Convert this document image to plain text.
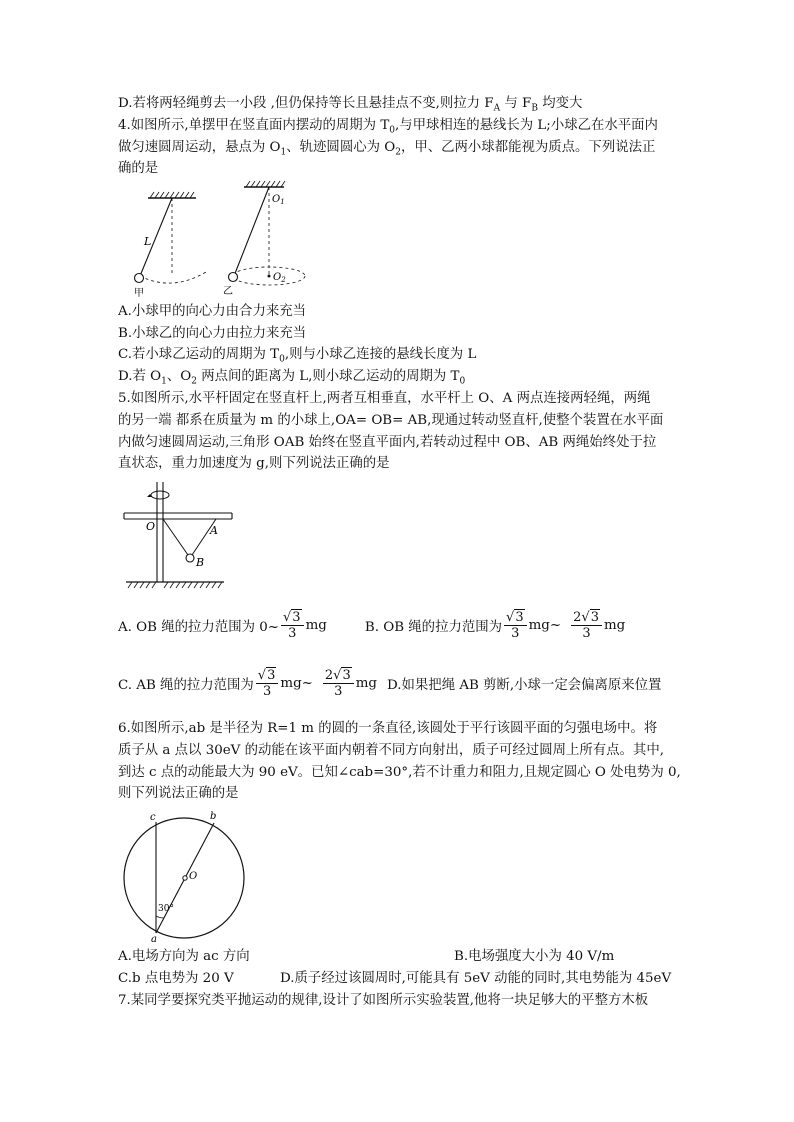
D.若将两轻绳剪去一小段 ,但仍保持等长且悬挂点不变,则拉力 $F_A$ 与 $F_B$ 均变大
4.如图所示,单摆甲在竖直面内摆动的周期为 $T_0$,与甲球相连的悬线长为 L;小球乙在水平面内
做匀速圆周运动，悬点为 $O_1$、轨迹圆圆心为 $O_2$，甲、乙两小球都能视为质点。下列说法正
确的是
L
甲
$O_1$
$O_2$
乙
A.小球甲的向心力由合力来充当
B.小球乙的向心力由拉力来充当
C.若小球乙运动的周期为 $T_0$,则与小球乙连接的悬线长度为 L
D.若 $O_1$、$O_2$ 两点间的距离为 L,则小球乙运动的周期为 $T_0$
5.如图所示,水平杆固定在竖直杆上,两者互相垂直，水平杆上 O、A 两点连接两轻绳，两绳
的另一端 都系在质量为 m 的小球上,OA= OB= AB,现通过转动竖直杆,使整个装置在水平面
内做匀速圆周运动,三角形 OAB 始终在竖直平面内,若转动过程中 OB、AB 两绳始终处于拉
直状态，重力加速度为 g,则下列说法正确的是
O	A
B
A. OB 绳的拉力范围为 0~ $\frac{√3}{3}$ mg	B. OB 绳的拉力范围为 $\frac{√3}{3}$ mg~ $\frac{2√3}{3}$ mg
C. AB 绳的拉力范围为 $\frac{√3}{3}$ mg~ $\frac{2√3}{3}$ mg D.如果把绳 AB 剪断,小球一定会偏离原来位置
6.如图所示,ab 是半径为 R=1 m 的圆的一条直径,该圆处于平行该圆平面的匀强电场中。将
质子从 a 点以 30eV 的动能在该平面内朝着不同方向射出，质子可经过圆周上所有点。其中,
到达 c 点的动能最大为 90 eV。已知∠cab=30°,若不计重力和阻力,且规定圆心 O 处电势为 0,
则下列说法正确的是
c	b
O
30°
a
A.电场方向为 ac 方向	B.电场强度大小为 40 V/m
C.b 点电势为 20 V	D.质子经过该圆周时,可能具有 5eV 动能的同时,其电势能为 45eV
7.某同学要探究类平抛运动的规律,设计了如图所示实验装置,他将一块足够大的平整方木板
